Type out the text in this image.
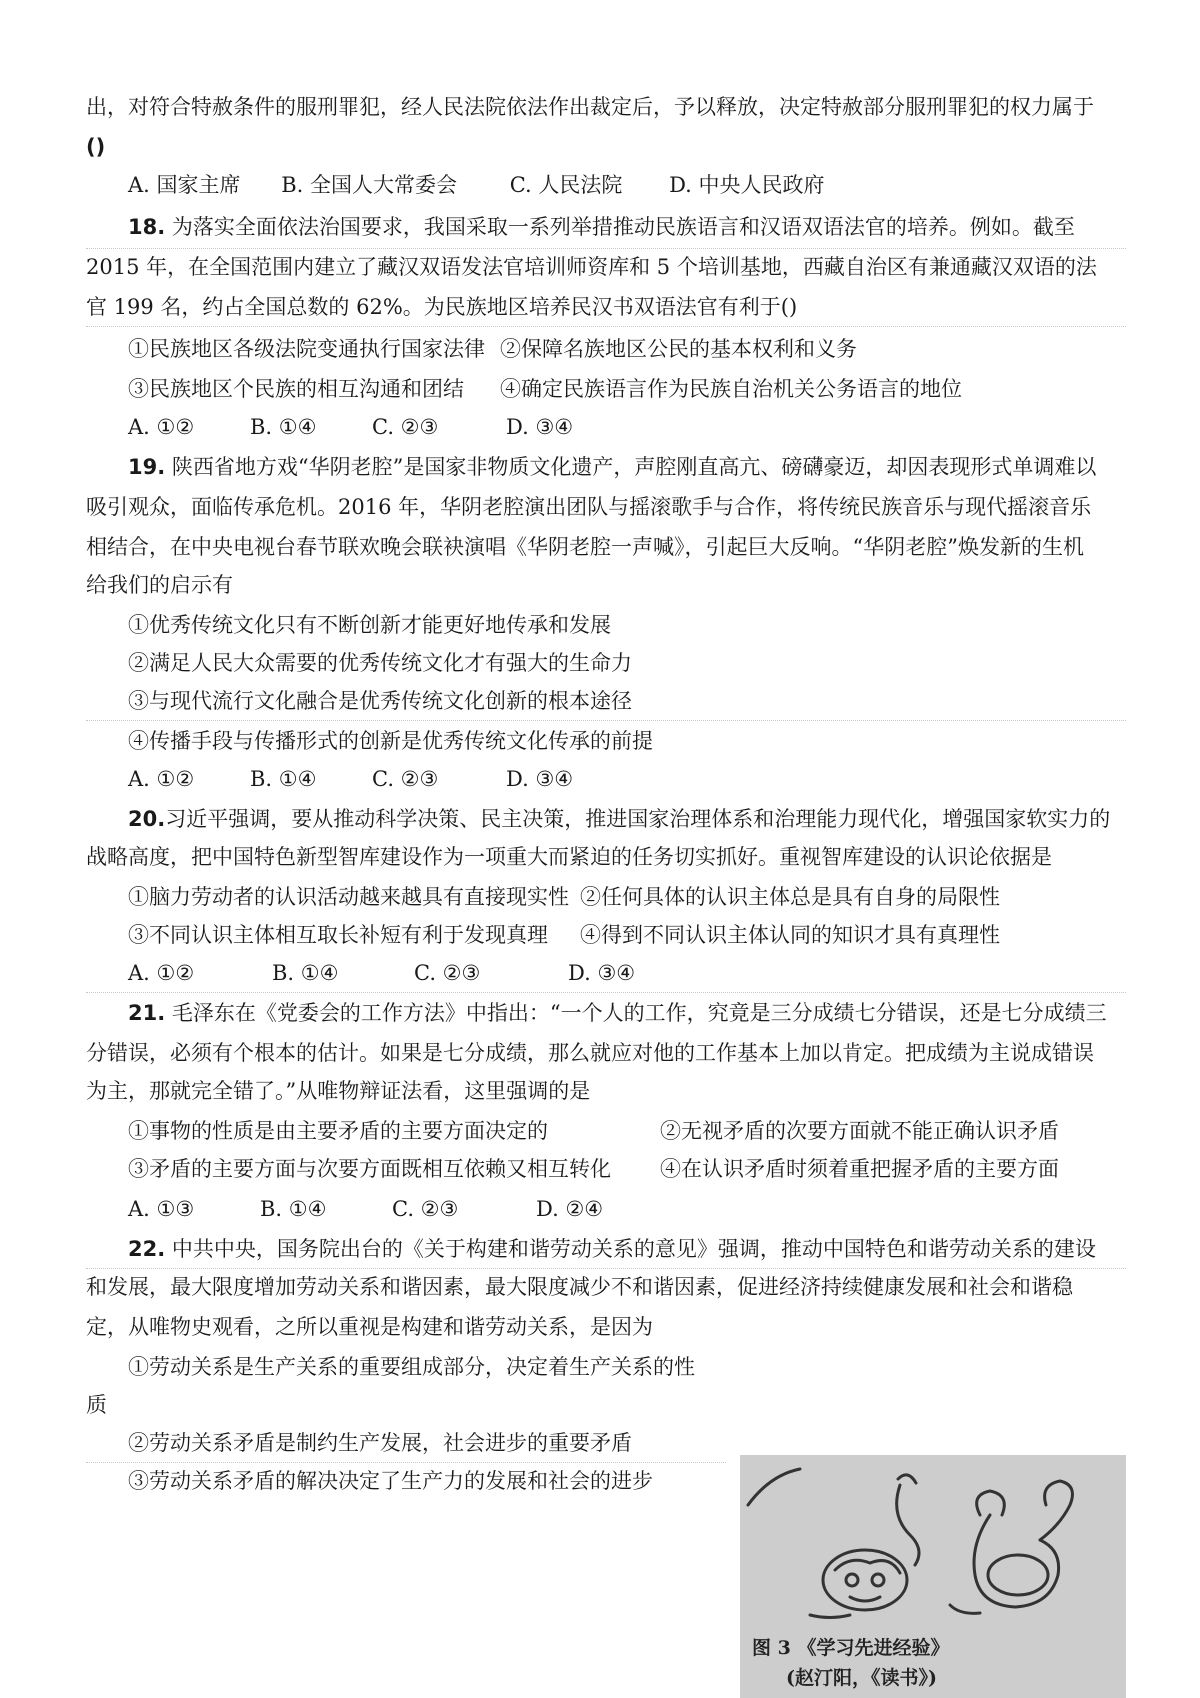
出，对符合特赦条件的服刑罪犯，经人民法院依法作出裁定后，予以释放，决定特赦部分服刑罪犯的权力属于
()
A. 国家主席 B. 全国人大常委会	C. 人民法院 D. 中央人民政府
18. 为落实全面依法治国要求，我国采取一系列举措推动民族语言和汉语双语法官的培养。例如。截至
2015 年，在全国范围内建立了藏汉双语发法官培训师资库和 5 个培训基地，西藏自治区有兼通藏汉双语的法
官 199 名，约占全国总数的 62%。为民族地区培养民汉书双语法官有利于()
①民族地区各级法院变通执行国家法律 ②保障名族地区公民的基本权利和义务
③民族地区个民族的相互沟通和团结 ④确定民族语言作为民族自治机关公务语言的地位
A. ①②	B. ①④	C. ②③	D. ③④
19. 陕西省地方戏“华阴老腔”是国家非物质文化遗产，声腔刚直高亢、磅礴豪迈，却因表现形式单调难以
吸引观众，面临传承危机。2016 年，华阴老腔演出团队与摇滚歌手与合作，将传统民族音乐与现代摇滚音乐
相结合，在中央电视台春节联欢晚会联袂演唱《华阴老腔一声喊》，引起巨大反响。“华阴老腔”焕发新的生机
给我们的启示有
①优秀传统文化只有不断创新才能更好地传承和发展
②满足人民大众需要的优秀传统文化才有强大的生命力
③与现代流行文化融合是优秀传统文化创新的根本途径
④传播手段与传播形式的创新是优秀传统文化传承的前提
A. ①②	B. ①④	C. ②③	D. ③④
20.习近平强调，要从推动科学决策、民主决策，推进国家治理体系和治理能力现代化，增强国家软实力的
战略高度，把中国特色新型智库建设作为一项重大而紧迫的任务切实抓好。重视智库建设的认识论依据是
①脑力劳动者的认识活动越来越具有直接现实性 ②任何具体的认识主体总是具有自身的局限性
③不同认识主体相互取长补短有利于发现真理 ④得到不同认识主体认同的知识才具有真理性
A. ①②	B. ①④	C. ②③	D. ③④
21. 毛泽东在《党委会的工作方法》中指出：“一个人的工作，究竟是三分成绩七分错误，还是七分成绩三
分错误，必须有个根本的估计。如果是七分成绩，那么就应对他的工作基本上加以肯定。把成绩为主说成错误
为主，那就完全错了。”从唯物辩证法看，这里强调的是
①事物的性质是由主要矛盾的主要方面决定的	②无视矛盾的次要方面就不能正确认识矛盾
③矛盾的主要方面与次要方面既相互依赖又相互转化 ④在认识矛盾时须着重把握矛盾的主要方面
A. ①③	B. ①④	C. ②③	D. ②④
22. 中共中央，国务院出台的《关于构建和谐劳动关系的意见》强调，推动中国特色和谐劳动关系的建设
和发展，最大限度增加劳动关系和谐因素，最大限度减少不和谐因素，促进经济持续健康发展和社会和谐稳
定，从唯物史观看，之所以重视是构建和谐劳动关系，是因为
①劳动关系是生产关系的重要组成部分，决定着生产关系的性
质
②劳动关系矛盾是制约生产发展，社会进步的重要矛盾
③劳动关系矛盾的解决决定了生产力的发展和社会的进步
图 3 《学习先进经验》
(赵汀阳，《读书》)
